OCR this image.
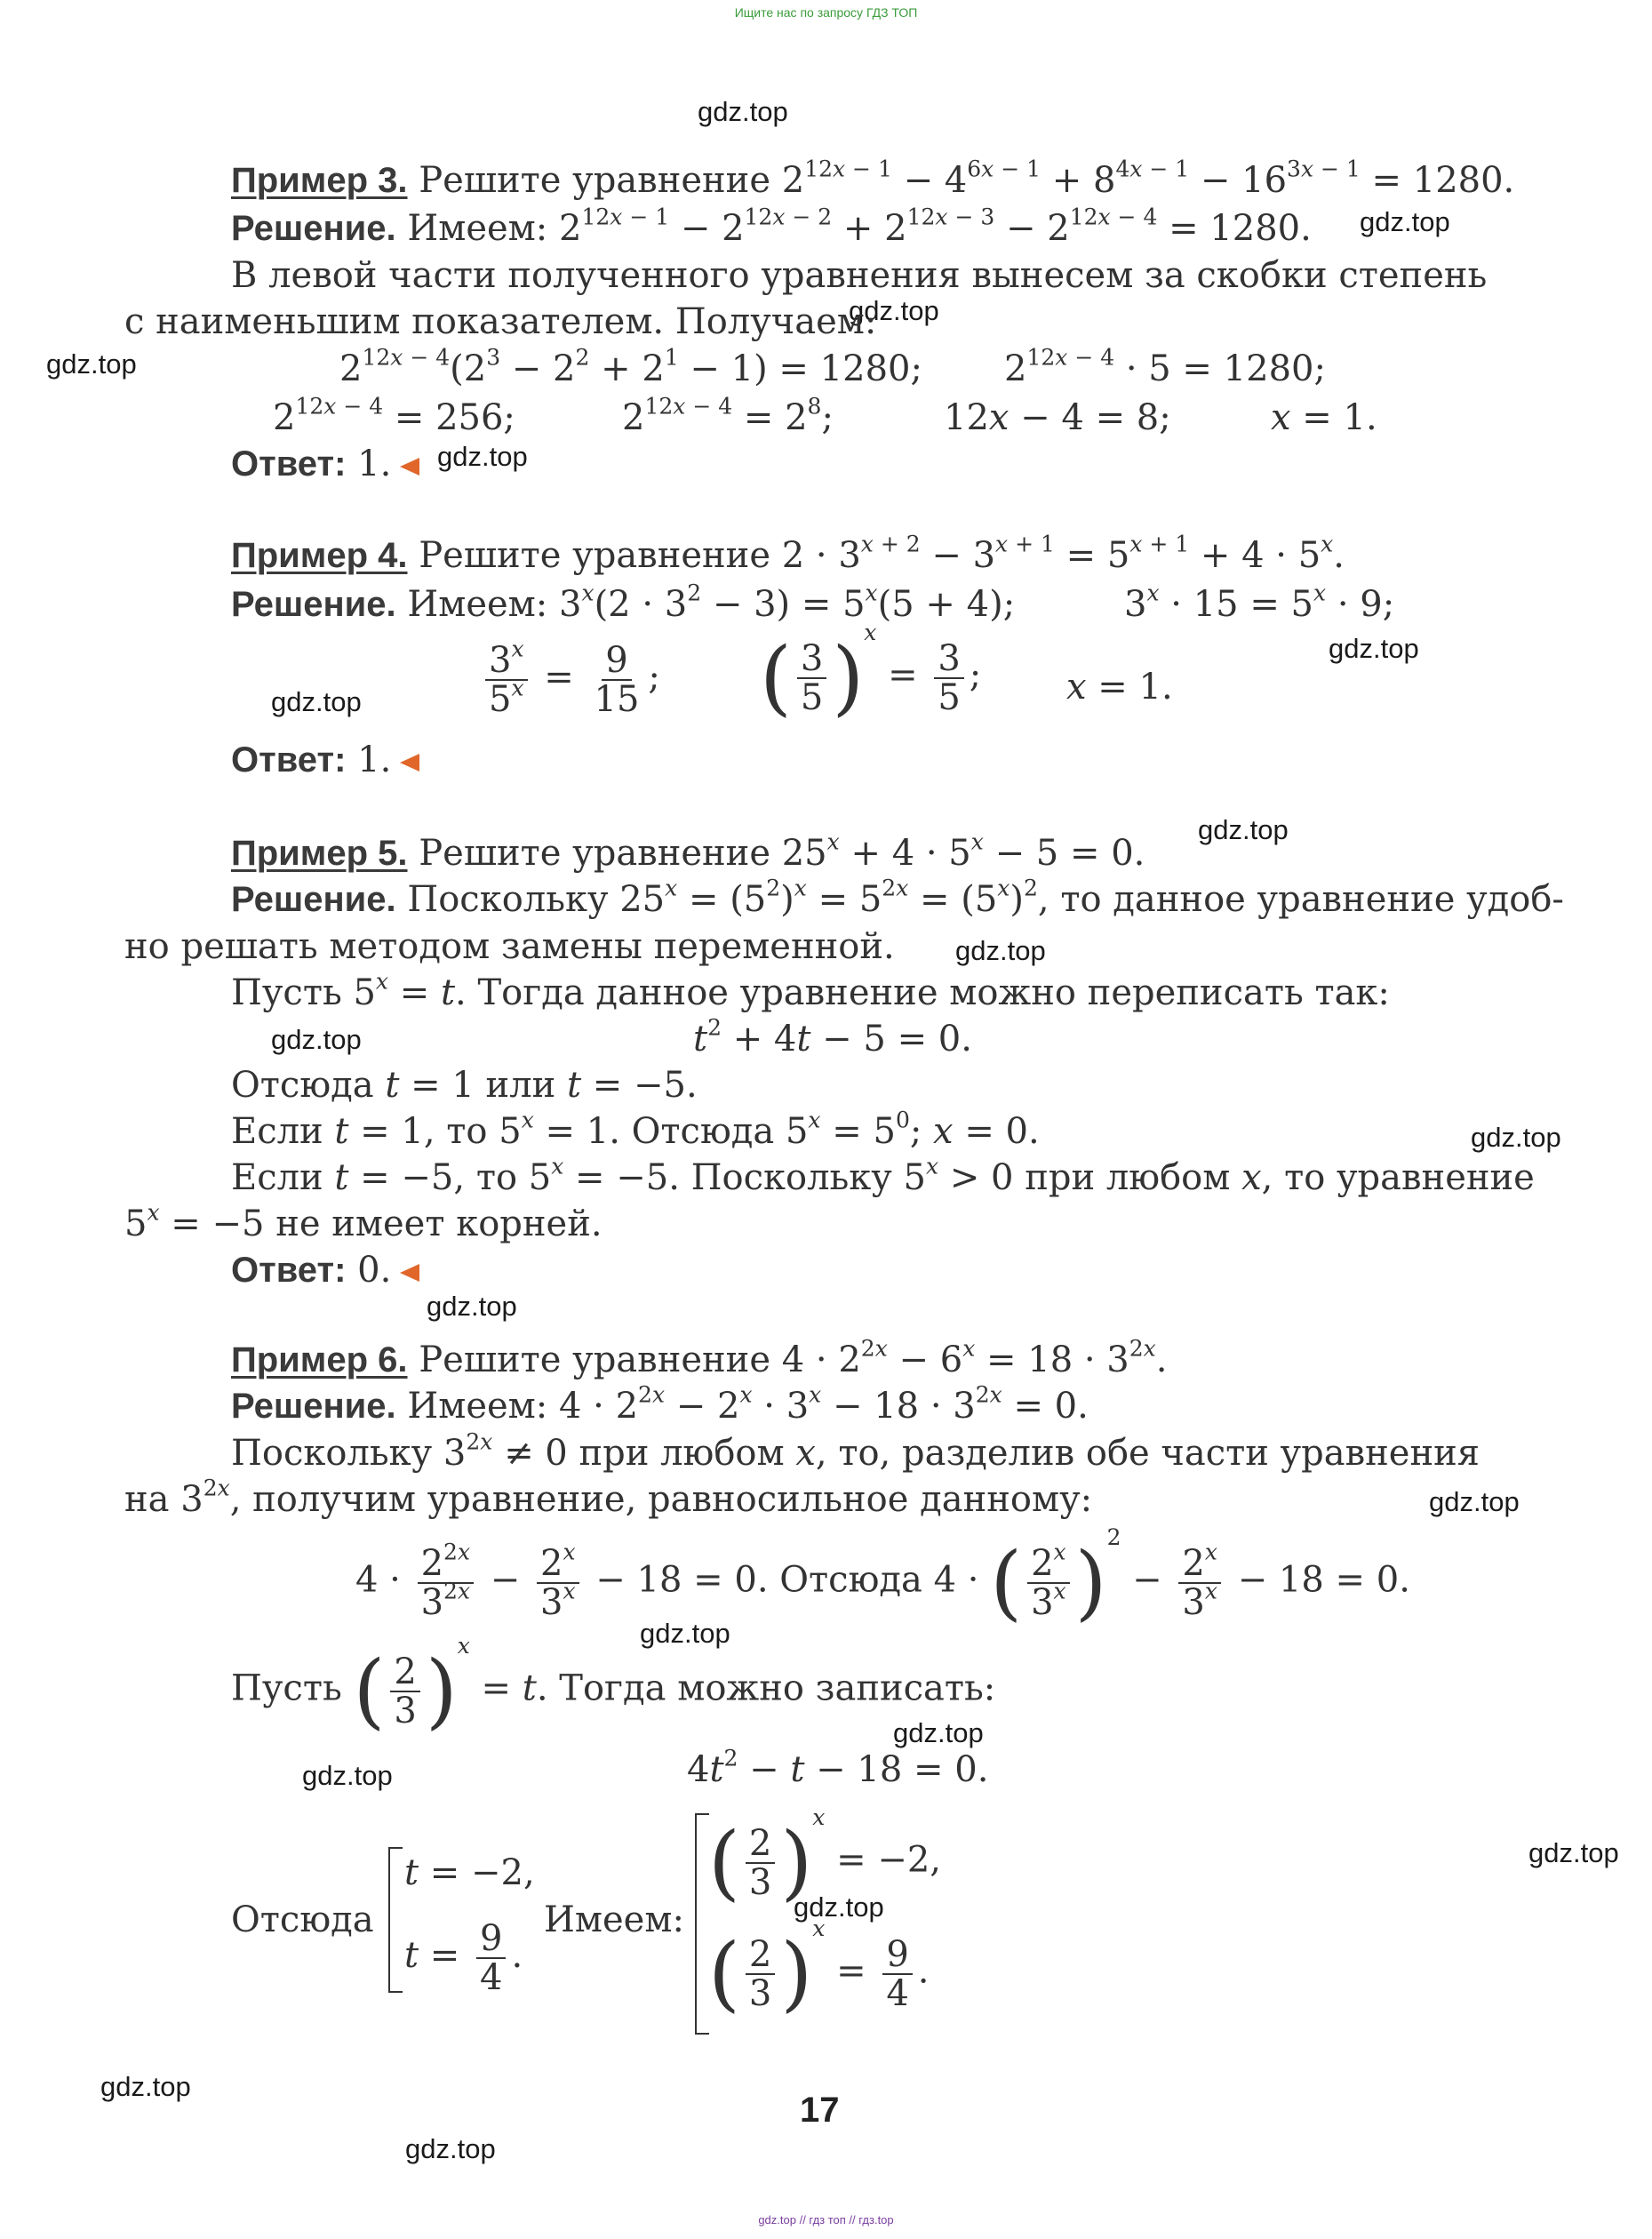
Ищите нас по запросу ГДЗ ТОП
gdz.top
gdz.top
gdz.top
gdz.top
gdz.top
gdz.top
gdz.top
gdz.top
gdz.top
gdz.top
gdz.top
gdz.top
gdz.top
gdz.top
gdz.top
gdz.top
gdz.top
gdz.top
gdz.top
gdz.top
Пример 3. Решите уравнение $2^{12x - 1} - 4^{6x - 1} + 8^{4x - 1} - 16^{3x - 1} = 1280$.
Решение. Имеем: $2^{12x - 1} - 2^{12x - 2} + 2^{12x - 3} - 2^{12x - 4} = 1280$.
В левой части полученного уравнения вынесем за скобки степень
с наименьшим показателем. Получаем:
$2^{12x - 4}(2^3 - 2^2 + 2^1 - 1) = 1280$; $2^{12x - 4} \cdot 5 = 1280$;
$2^{12x - 4} = 256$;	$2^{12x - 4} = 2^8$;	12x − 4 = 8;	x = 1.
Ответ: 1.
Пример 4. Решите уравнение $2 \cdot 3^{x + 2} - 3^{x + 1} = 5^{x + 1} + 4 \cdot 5^x$.
Решение. Имеем: $3^x(2 \cdot 3^2 - 3) = 5^x(5 + 4)$;	$3^x \cdot 15 = 5^x \cdot 9$;
$\frac{3^x}{5^x} = \frac{9}{15}$ ; ( $\frac{3}{5} )^x = \frac{3}{5}$ ; x = 1.
Ответ: 1.
Пример 5. Решите уравнение $25^x + 4 \cdot 5^x - 5 = 0$.
Решение. Поскольку $25^x = (5^2)^x = 5^{2x} = (5^x)^2$, то данное уравнение удоб-
но решать методом замены переменной.
Пусть $5^x = t$. Тогда данное уравнение можно переписать так:
$t^2 + 4t - 5 = 0$.
Отсюда t = 1 или t = −5.
Если t = 1, то $5^x = 1$. Отсюда $5^x = 5^0$; x = 0.
Если t = −5, то $5^x = -5$. Поскольку $5^x > 0$ при любом x, то уравнение
$5^x = -5$ не имеет корней.
Ответ: 0.
Пример 6. Решите уравнение $4 \cdot 2^{2x} - 6^x = 18 \cdot 3^{2x}$.
Решение. Имеем: $4 \cdot 2^{2x} - 2^x \cdot 3^x - 18 \cdot 3^{2x} = 0$.
Поскольку $3^{2x} \ne 0$ при любом x, то, разделив обе части уравнения
на $3^{2x}$, получим уравнение, равносильное данному:
$4 \cdot \frac{2^{2x}}{3^{2x}} - \frac{2^x}{3^x} - 18 = 0$. Отсюда 4 · ( $\frac{2^x}{3^x} )^2 - \frac{2^x}{3^x} - 18 = 0$.
Пусть ( $\frac{2}{3} )^x = t$. Тогда можно записать:
$4t^2 - t - 18 = 0$.
Отсюда
t = −2,
$t = \frac{9}{4}$ .
Имеем:
( $\frac{2}{3} )^x = -2$,
( $\frac{2}{3} )^x = \frac{9}{4}$ .
17
gdz.top // гдз топ // гдз.top
